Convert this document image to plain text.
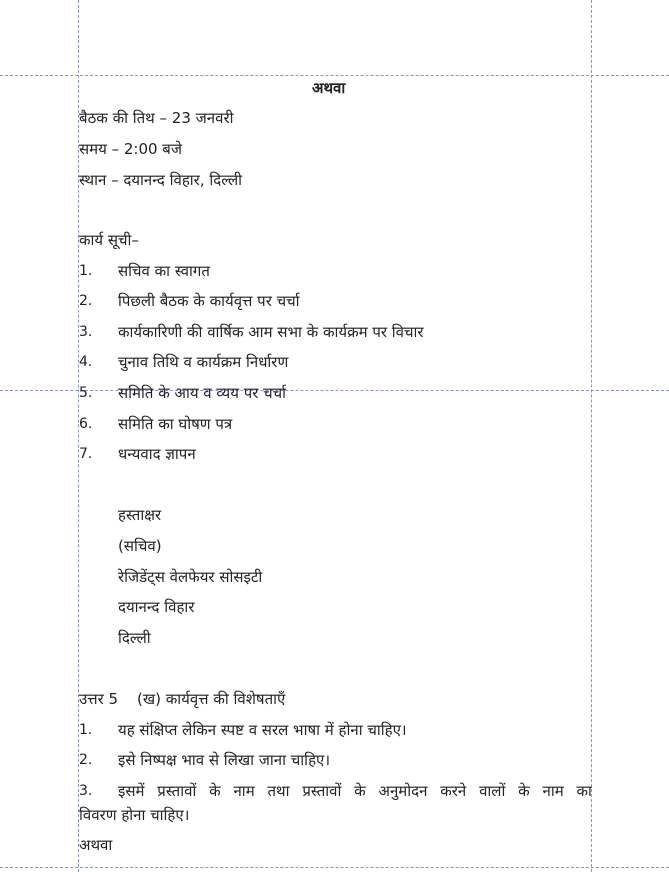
अथवा
बैठक की तिथ – 23 जनवरी
समय – 2:00 बजे
स्थान – दयानन्द विहार, दिल्ली
कार्य सूची–
1. सचिव का स्वागत
2. पिछली बैठक के कार्यवृत्त पर चर्चा
3. कार्यकारिणी की वार्षिक आम सभा के कार्यक्रम पर विचार
4. चुनाव तिथि व कार्यक्रम निर्धारण
5. समिति के आय व व्यय पर चर्चा
6. समिति का घोषण पत्र
7. धन्यवाद ज्ञापन
हस्ताक्षर
(सचिव)
रेजिडेंट्स वेलफेयर सोसइटी
दयानन्द विहार
दिल्ली
उत्तर 5 (ख) कार्यवृत्त की विशेषताएँ
1. यह संक्षिप्त लेकिन स्पष्ट व सरल भाषा में होना चाहिए।
2. इसे निष्पक्ष भाव से लिखा जाना चाहिए।
3. इसमें प्रस्तावों के नाम तथा प्रस्तावों के अनुमोदन करने वालों के नाम का
विवरण होना चाहिए।
अथवा
